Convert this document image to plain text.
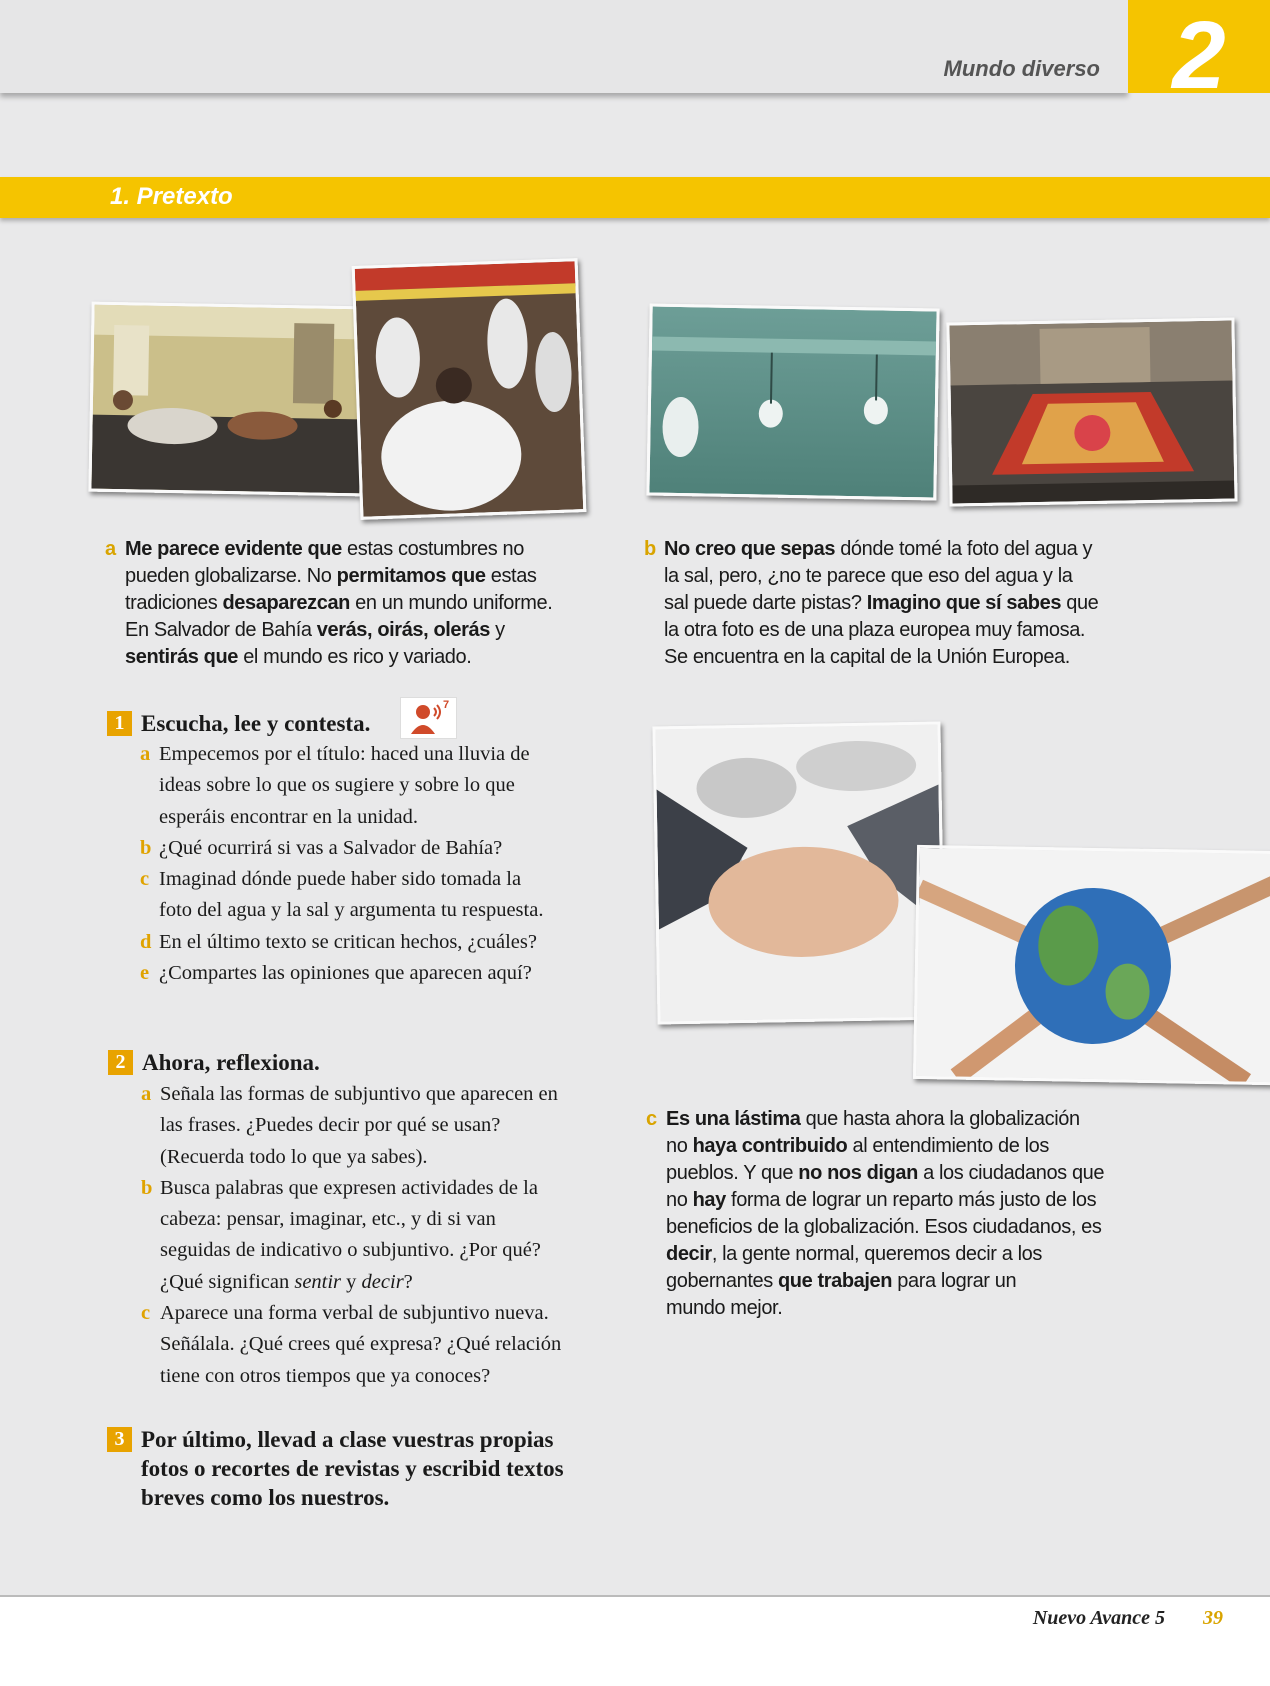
Mundo diverso 2
1. Pretexto
a Me parece evidente que estas costumbres no
pueden globalizarse. No permitamos que estas
tradiciones desaparezcan en un mundo uniforme.
En Salvador de Bahía verás, oirás, olerás y
sentirás que el mundo es rico y variado.
b No creo que sepas dónde tomé la foto del agua y
la sal, pero, ¿no te parece que eso del agua y la
sal puede darte pistas? Imagino que sí sabes que
la otra foto es de una plaza europea muy famosa.
Se encuentra en la capital de la Unión Europea.
c Es una lástima que hasta ahora la globalización
no haya contribuido al entendimiento de los
pueblos. Y que no nos digan a los ciudadanos que
no hay forma de lograr un reparto más justo de los
beneficios de la globalización. Esos ciudadanos, es
decir, la gente normal, queremos decir a los
gobernantes que trabajen para lograr un
mundo mejor.
1 Escucha, lee y contesta.
7
a Empecemos por el título: haced una lluvia de
ideas sobre lo que os sugiere y sobre lo que
esperáis encontrar en la unidad.
b ¿Qué ocurrirá si vas a Salvador de Bahía?
c Imaginad dónde puede haber sido tomada la
foto del agua y la sal y argumenta tu respuesta.
d En el último texto se critican hechos, ¿cuáles?
e ¿Compartes las opiniones que aparecen aquí?
2 Ahora, reflexiona.
a Señala las formas de subjuntivo que aparecen en
las frases. ¿Puedes decir por qué se usan?
(Recuerda todo lo que ya sabes).
b Busca palabras que expresen actividades de la
cabeza: pensar, imaginar, etc., y di si van
seguidas de indicativo o subjuntivo. ¿Por qué?
¿Qué significan sentir y decir?
c Aparece una forma verbal de subjuntivo nueva.
Señálala. ¿Qué crees qué expresa? ¿Qué relación
tiene con otros tiempos que ya conoces?
3 Por último, llevad a clase vuestras propias
fotos o recortes de revistas y escribid textos
breves como los nuestros.
Nuevo Avance 5 39
